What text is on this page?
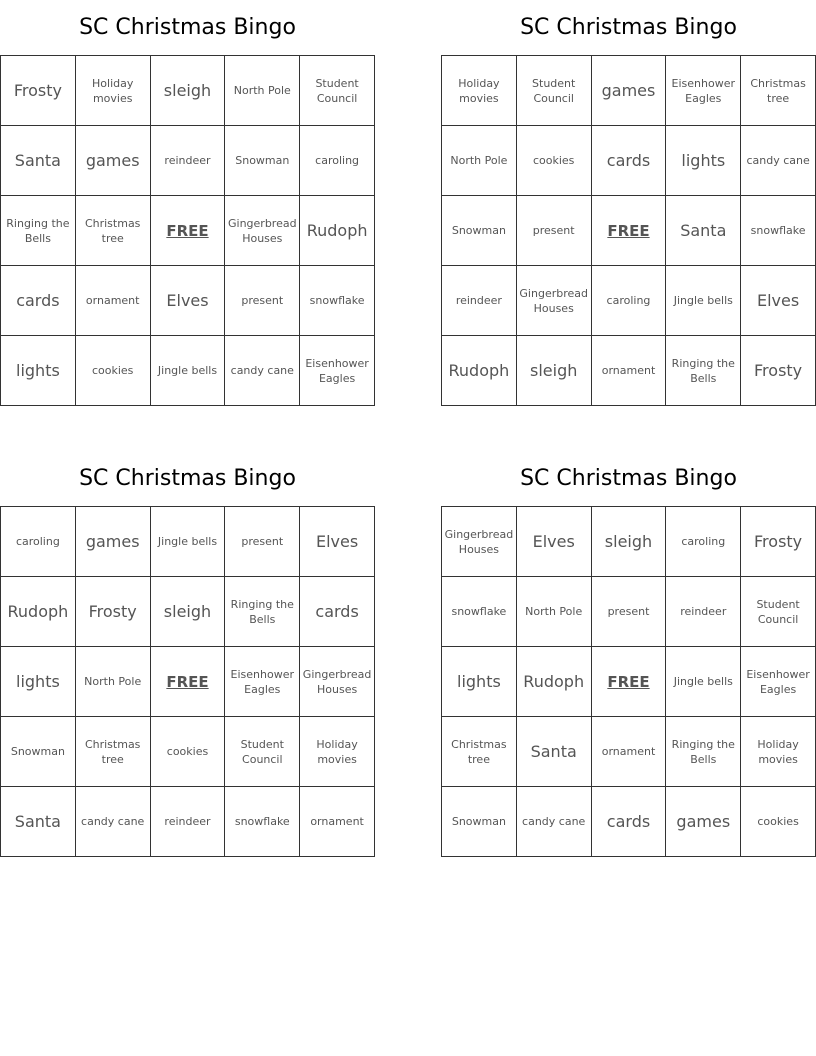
SC Christmas Bingo
Frosty	Holiday movies	sleigh	North Pole	Student Council
Santa	games	reindeer	Snowman	caroling
Ringing the Bells	Christmas tree	FREE	Gingerbread Houses	Rudoph
cards	ornament	Elves	present	snowflake
lights	cookies	Jingle bells	candy cane	Eisenhower Eagles
SC Christmas Bingo
Holiday movies	Student Council	games	Eisenhower Eagles	Christmas tree
North Pole	cookies	cards	lights	candy cane
Snowman	present	FREE	Santa	snowflake
reindeer	Gingerbread Houses	caroling	Jingle bells	Elves
Rudoph	sleigh	ornament	Ringing the Bells	Frosty
SC Christmas Bingo
caroling	games	Jingle bells	present	Elves
Rudoph	Frosty	sleigh	Ringing the Bells	cards
lights	North Pole	FREE	Eisenhower Eagles	Gingerbread Houses
Snowman	Christmas tree	cookies	Student Council	Holiday movies
Santa	candy cane	reindeer	snowflake	ornament
SC Christmas Bingo
Gingerbread Houses	Elves	sleigh	caroling	Frosty
snowflake	North Pole	present	reindeer	Student Council
lights	Rudoph	FREE	Jingle bells	Eisenhower Eagles
Christmas tree	Santa	ornament	Ringing the Bells	Holiday movies
Snowman	candy cane	cards	games	cookies
